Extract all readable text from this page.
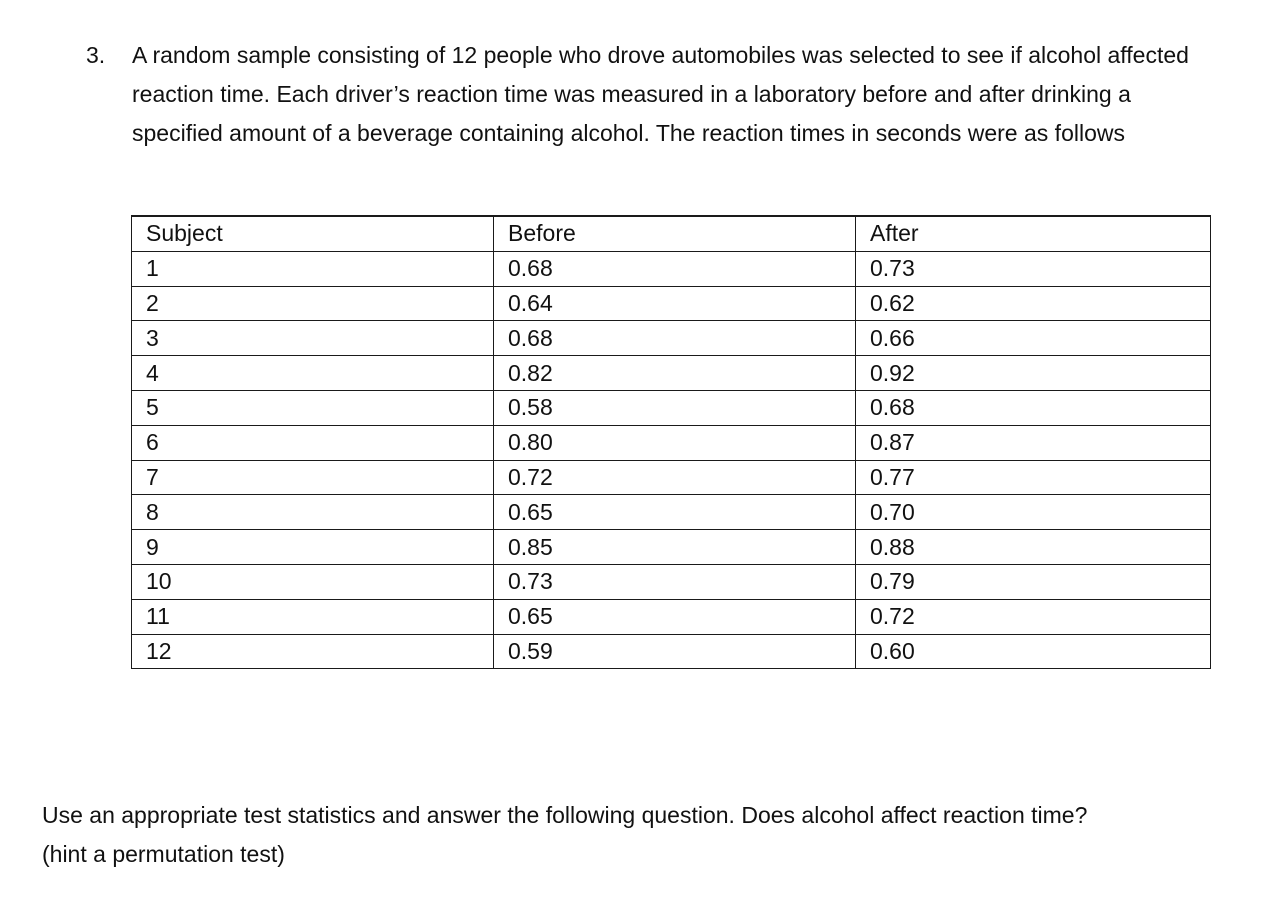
3. A random sample consisting of 12 people who drove automobiles was selected to see if alcohol affected reaction time. Each driver’s reaction time was measured in a laboratory before and after drinking a specified amount of a beverage containing alcohol. The reaction times in seconds were as follows
Subject	Before	After
1	0.68	0.73
2	0.64	0.62
3	0.68	0.66
4	0.82	0.92
5	0.58	0.68
6	0.80	0.87
7	0.72	0.77
8	0.65	0.70
9	0.85	0.88
10	0.73	0.79
11	0.65	0.72
12	0.59	0.60
Use an appropriate test statistics and answer the following question. Does alcohol affect reaction time?
(hint a permutation test)
